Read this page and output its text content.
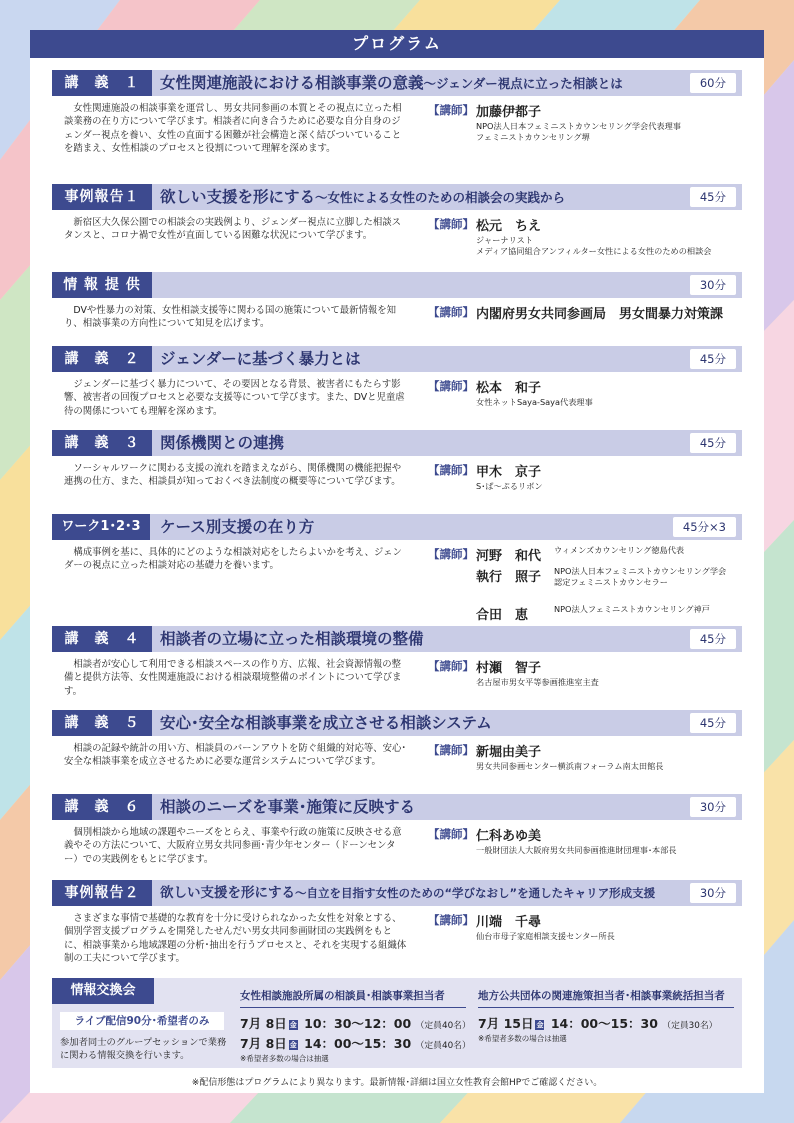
プログラム
講　義　１	女性関連施設における相談事業の意義〜ジェンダー視点に立った相談とは	60分
女性関連施設の相談事業を運営し、男女共同参画の本質とその視点に立った相談業務の在り方について学びます。相談者に向き合うために必要な自分自身のジェンダー視点を養い、女性の直面する困難が社会構造と深く結びついていることを踏まえ、女性相談のプロセスと役割について理解を深めます。
【講師】 加藤伊都子
NPO法人日本フェミニストカウンセリング学会代表理事
フェミニストカウンセリング堺
事例報告１	欲しい支援を形にする〜女性による女性のための相談会の実践から	45分
新宿区大久保公園での相談会の実践例より、ジェンダー視点に立脚した相談スタンスと、コロナ禍で女性が直面している困難な状況について学びます。
【講師】 松元　ちえ
ジャーナリスト
メディア協同組合アンフィルター女性による女性のための相談会
情 報 提 供	30分
DVや性暴力の対策、女性相談支援等に関わる国の施策について最新情報を知り、相談事業の方向性について知見を広げます。
【講師】 内閣府男女共同参画局　男女間暴力対策課
講　義　２	ジェンダーに基づく暴力とは	45分
ジェンダーに基づく暴力について、その要因となる背景、被害者にもたらす影響、被害者の回復プロセスと必要な支援等について学びます。また、DVと児童虐待の関係についても理解を深めます。
【講師】 松本　和子
女性ネットSaya-Saya代表理事
講　義　３	関係機関との連携	45分
ソーシャルワークに関わる支援の流れを踏まえながら、関係機関の機能把握や連携の仕方、また、相談員が知っておくべき法制度の概要等について学びます。
【講師】 甲木　京子
S･ぱ〜ぷるリボン
ワーク1･2･3	ケース別支援の在り方	45分×3
構成事例を基に、具体的にどのような相談対応をしたらよいかを考え、ジェンダーの視点に立った相談対応の基礎力を養います。
【講師】 河野　和代 ウィメンズカウンセリング徳島代表
執行　照子 NPO法人日本フェミニストカウンセリング学会
認定フェミニストカウンセラー
合田　恵	NPO法人フェミニストカウンセリング神戸
講　義　４	相談者の立場に立った相談環境の整備	45分
相談者が安心して利用できる相談スペースの作り方、広報、社会資源情報の整備と提供方法等、女性関連施設における相談環境整備のポイントについて学びます。
【講師】 村瀬　智子
名古屋市男女平等参画推進室主査
講　義　５	安心･安全な相談事業を成立させる相談システム	45分
相談の記録や統計の用い方、相談員のバーンアウトを防ぐ組織的対応等、安心･安全な相談事業を成立させるために必要な運営システムについて学びます。
【講師】 新堀由美子
男女共同参画センター横浜南フォーラム南太田館長
講　義　６	相談のニーズを事業･施策に反映する	30分
個別相談から地域の課題やニーズをとらえ、事業や行政の施策に反映させる意義やその方法について、大阪府立男女共同参画･青少年センター（ドーンセンター）での実践例をもとに学びます。
【講師】 仁科あゆ美
一般財団法人大阪府男女共同参画推進財団理事･本部長
事例報告２	欲しい支援を形にする〜自立を目指す女性のための“学びなおし”を通したキャリア形成支援	30分
さまざまな事情で基礎的な教育を十分に受けられなかった女性を対象とする、個別学習支援プログラムを開発したせんだい男女共同参画財団の実践例をもとに、相談事業から地域課題の分析･抽出を行うプロセスと、それを実現する組織体制の工夫について学びます。
【講師】 川端　千尋
仙台市母子家庭相談支援センター所長
情報交換会
ライブ配信90分･希望者のみ
参加者同士のグループセッションで業務に関わる情報交換を行います。
女性相談施設所属の相談員･相談事業担当者
7月 8日 金 10：30〜12：00 （定員40名）
7月 8日 金 14：00〜15：30 （定員40名）
※希望者多数の場合は抽選
地方公共団体の関連施策担当者･相談事業統括担当者
7月 15日 金 14：00〜15：30 （定員30名）
※希望者多数の場合は抽選
※配信形態はプログラムにより異なります。最新情報･詳細は国立女性教育会館HPでご確認ください。
